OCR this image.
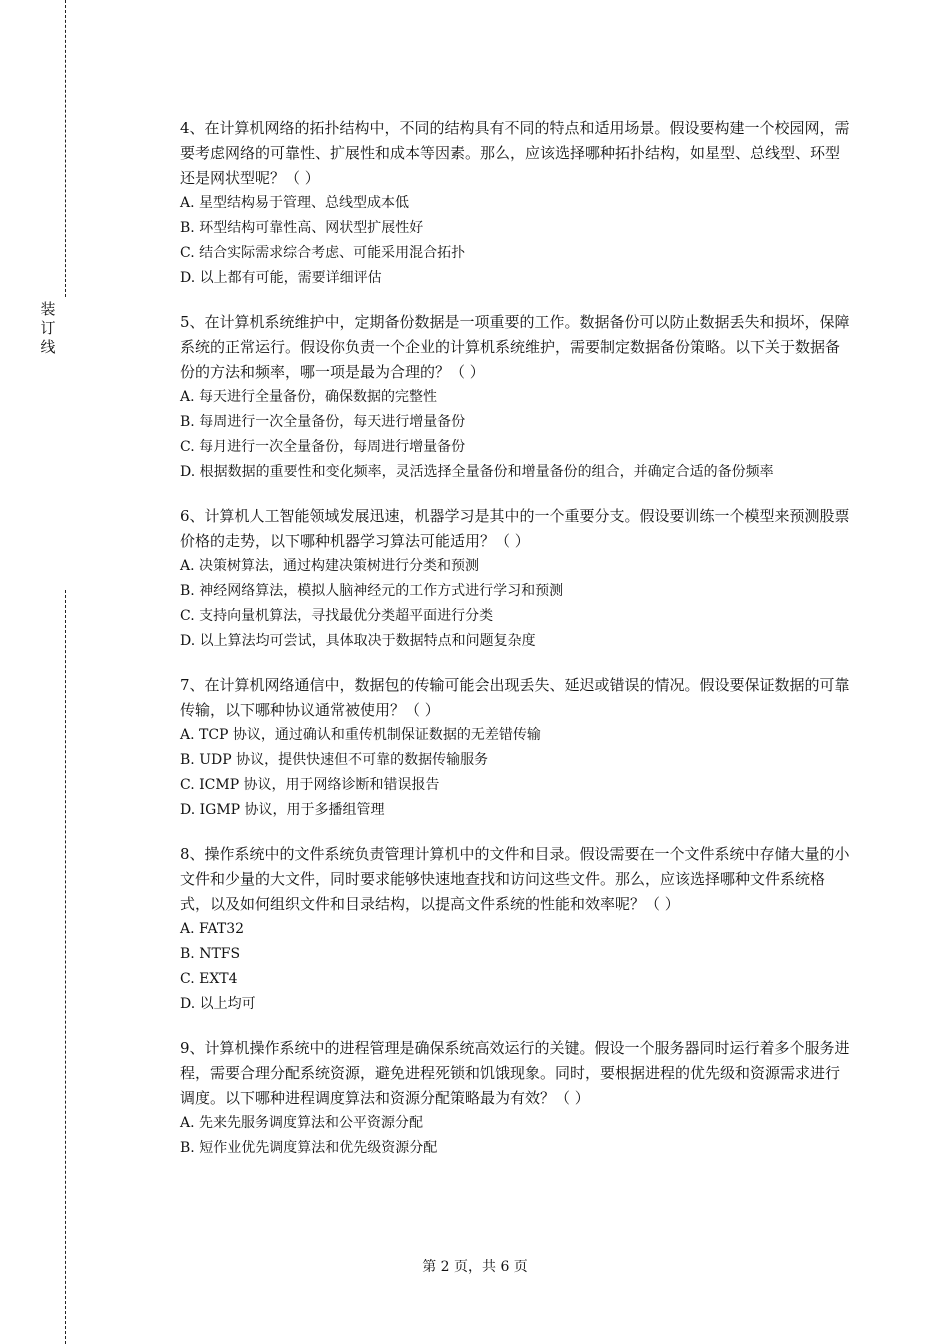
装
订
线

4、在计算机网络的拓扑结构中，不同的结构具有不同的特点和适用场景。假设要构建一个校园网，需要考虑网络的可靠性、扩展性和成本等因素。那么，应该选择哪种拓扑结构，如星型、总线型、环型还是网状型呢？（ ）

A. 星型结构易于管理、总线型成本低
B. 环型结构可靠性高、网状型扩展性好
C. 结合实际需求综合考虑、可能采用混合拓扑
D. 以上都有可能，需要详细评估

5、在计算机系统维护中，定期备份数据是一项重要的工作。数据备份可以防止数据丢失和损坏，保障系统的正常运行。假设你负责一个企业的计算机系统维护，需要制定数据备份策略。以下关于数据备份的方法和频率，哪一项是最为合理的？（ ）

A. 每天进行全量备份，确保数据的完整性
B. 每周进行一次全量备份，每天进行增量备份
C. 每月进行一次全量备份，每周进行增量备份
D. 根据数据的重要性和变化频率，灵活选择全量备份和增量备份的组合，并确定合适的备份频率

6、计算机人工智能领域发展迅速，机器学习是其中的一个重要分支。假设要训练一个模型来预测股票价格的走势，以下哪种机器学习算法可能适用？（ ）

A. 决策树算法，通过构建决策树进行分类和预测
B. 神经网络算法，模拟人脑神经元的工作方式进行学习和预测
C. 支持向量机算法，寻找最优分类超平面进行分类
D. 以上算法均可尝试，具体取决于数据特点和问题复杂度

7、在计算机网络通信中，数据包的传输可能会出现丢失、延迟或错误的情况。假设要保证数据的可靠传输，以下哪种协议通常被使用？（ ）

A. TCP 协议，通过确认和重传机制保证数据的无差错传输
B. UDP 协议，提供快速但不可靠的数据传输服务
C. ICMP 协议，用于网络诊断和错误报告
D. IGMP 协议，用于多播组管理

8、操作系统中的文件系统负责管理计算机中的文件和目录。假设需要在一个文件系统中存储大量的小文件和少量的大文件，同时要求能够快速地查找和访问这些文件。那么，应该选择哪种文件系统格式，以及如何组织文件和目录结构，以提高文件系统的性能和效率呢？（ ）

A. FAT32
B. NTFS
C. EXT4
D. 以上均可

9、计算机操作系统中的进程管理是确保系统高效运行的关键。假设一个服务器同时运行着多个服务进程，需要合理分配系统资源，避免进程死锁和饥饿现象。同时，要根据进程的优先级和资源需求进行调度。以下哪种进程调度算法和资源分配策略最为有效？（ ）

A. 先来先服务调度算法和公平资源分配
B. 短作业优先调度算法和优先级资源分配
第 2 页，共 6 页
